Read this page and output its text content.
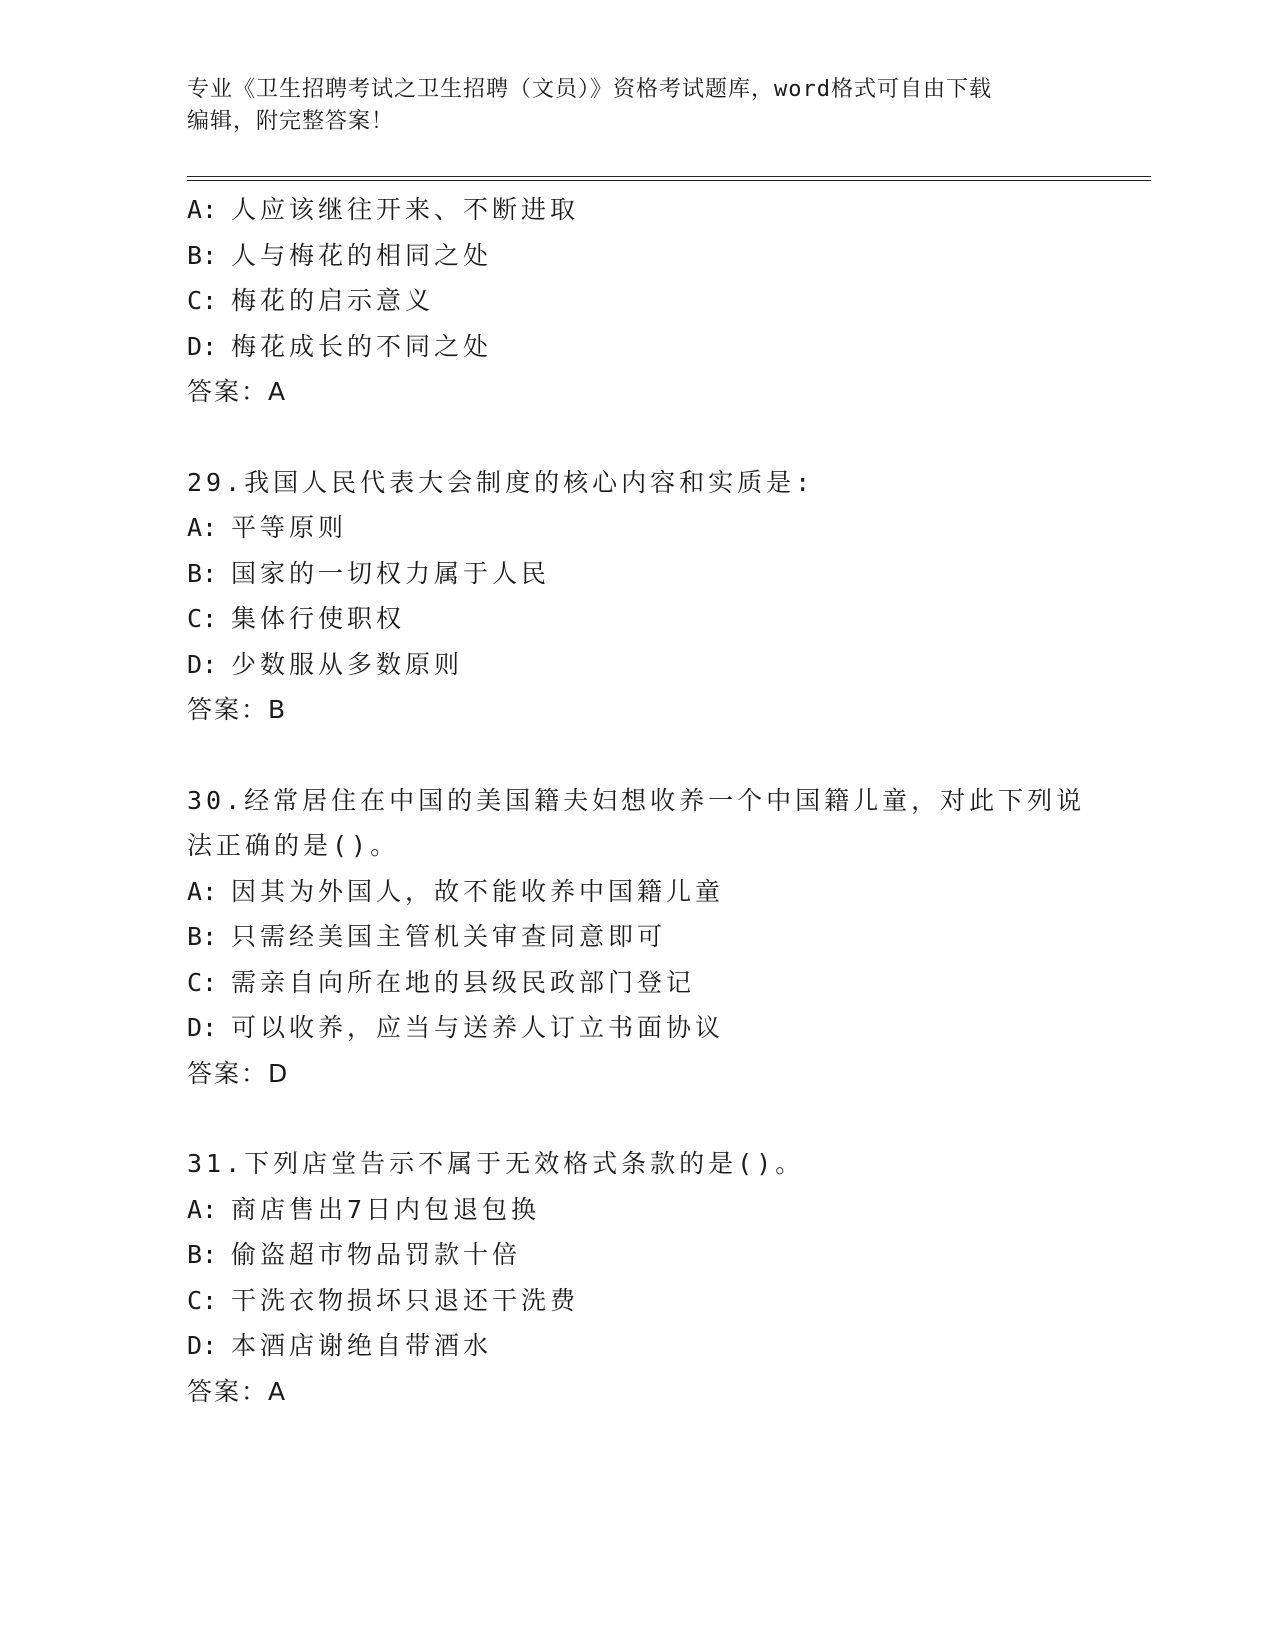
专业《卫生招聘考试之卫生招聘（文员）》资格考试题库，word格式可自由下载
编辑，附完整答案！
A: 人应该继往开来、不断进取
B: 人与梅花的相同之处
C: 梅花的启示意义
D: 梅花成长的不同之处
答案：A
29.我国人民代表大会制度的核心内容和实质是:
A: 平等原则
B: 国家的一切权力属于人民
C: 集体行使职权
D: 少数服从多数原则
答案：B
30.经常居住在中国的美国籍夫妇想收养一个中国籍儿童，对此下列说
法正确的是()。
A: 因其为外国人，故不能收养中国籍儿童
B: 只需经美国主管机关审查同意即可
C: 需亲自向所在地的县级民政部门登记
D: 可以收养，应当与送养人订立书面协议
答案：D
31.下列店堂告示不属于无效格式条款的是()。
A: 商店售出7日内包退包换
B: 偷盗超市物品罚款十倍
C: 干洗衣物损坏只退还干洗费
D: 本酒店谢绝自带酒水
答案：A
